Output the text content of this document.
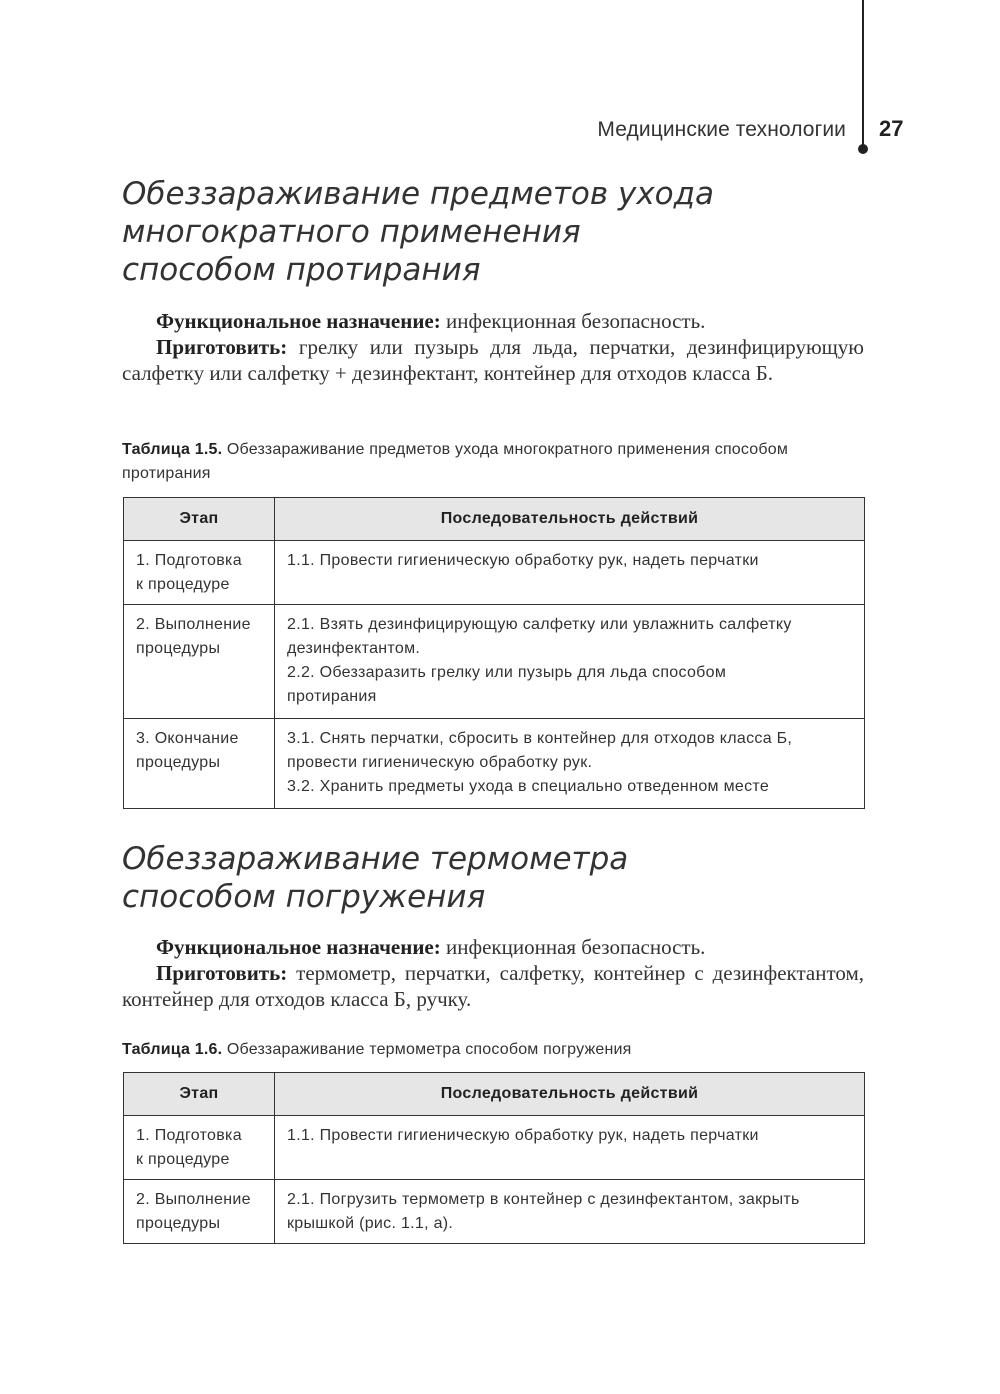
Медицинские технологии 27
Обеззараживание предметов ухода
многократного применения
способом протирания

Функциональное назначение: инфекционная безопасность.

Приготовить: грелку или пузырь для льда, перчатки, дезинфицирующую салфетку или салфетку + дезинфектант, контейнер для отходов класса Б.

Таблица 1.5. Обеззараживание предметов ухода многократного применения способом протирания
Этап	Последовательность действий

1. Подготовка
к процедуре	1.1. Провести гигиеническую обработку рук, надеть перчатки

2. Выполнение
процедуры	2.1. Взять дезинфицирующую салфетку или увлажнить салфетку
дезинфектантом.
2.2. Обеззаразить грелку или пузырь для льда способом
протирания

3. Окончание
процедуры	3.1. Снять перчатки, сбросить в контейнер для отходов класса Б,
провести гигиеническую обработку рук.
3.2. Хранить предметы ухода в специально отведенном месте
Обеззараживание термометра
способом погружения

Функциональное назначение: инфекционная безопасность.

Приготовить: термометр, перчатки, салфетку, контейнер с дезинфектантом, контейнер для отходов класса Б, ручку.

Таблица 1.6. Обеззараживание термометра способом погружения
Этап	Последовательность действий

1. Подготовка
к процедуре	1.1. Провести гигиеническую обработку рук, надеть перчатки

2. Выполнение
процедуры	2.1. Погрузить термометр в контейнер с дезинфектантом, закрыть
крышкой (рис. 1.1, а).
